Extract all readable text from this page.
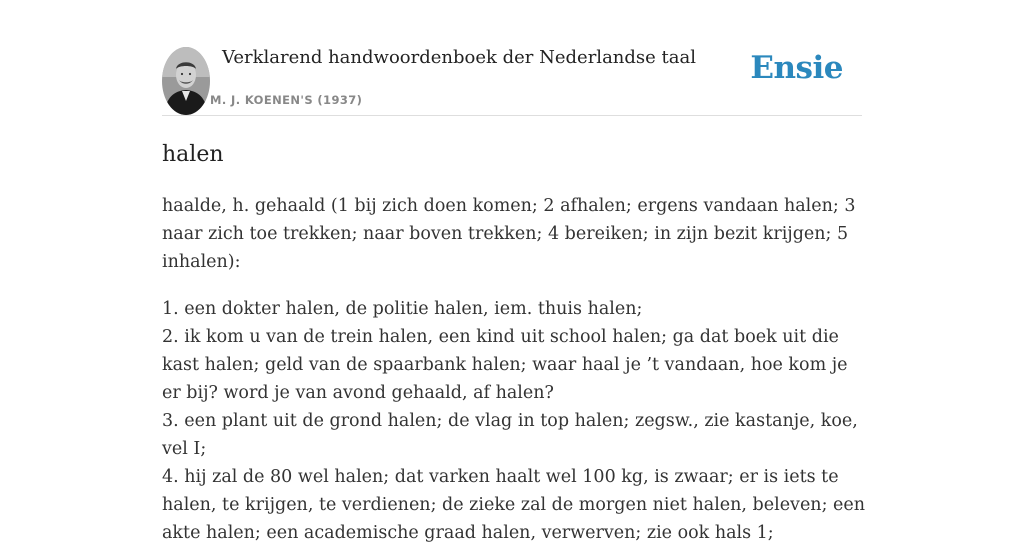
Verklarend handwoordenboek der Nederlandse taal
M. J. KOENEN'S (1937)
Ensie
halen

haalde, h. gehaald (1 bij zich doen komen; 2 afhalen; ergens vandaan halen; 3 naar zich toe trekken; naar boven trekken; 4 bereiken; in zijn bezit krijgen; 5 inhalen):

1. een dokter halen, de politie halen, iem. thuis halen;
2. ik kom u van de trein halen, een kind uit school halen; ga dat boek uit die kast halen; geld van de spaarbank halen; waar haal je ’t vandaan, hoe kom je er bij? word je van avond gehaald, af halen?
3. een plant uit de grond halen; de vlag in top halen; zegsw., zie kastanje, koe, vel I;
4. hij zal de 80 wel halen; dat varken haalt wel 100 kg, is zwaar; er is iets te halen, te krijgen, te verdienen; de zieke zal de morgen niet halen, beleven; een akte halen; een academische graad halen, verwerven; zie ook hals 1;
